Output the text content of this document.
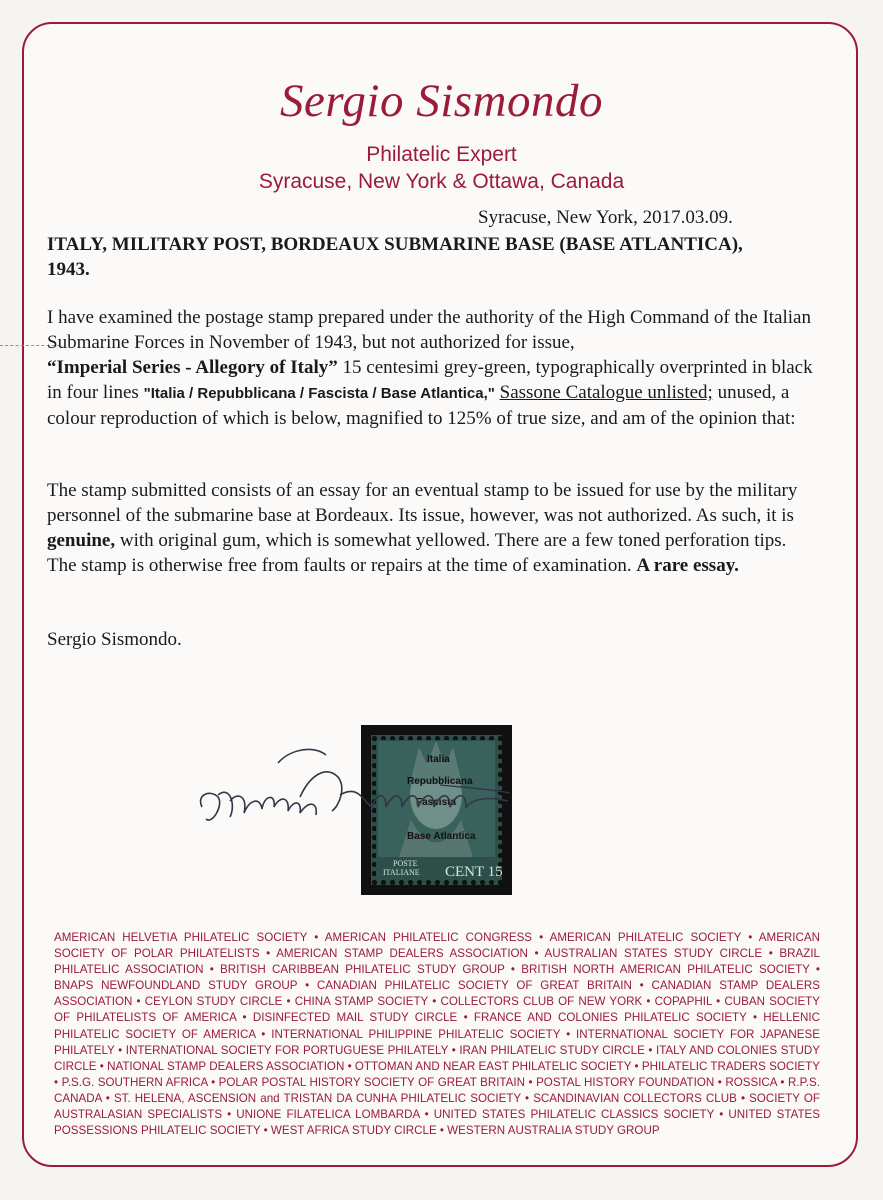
Sergio Sismondo
Philatelic Expert
Syracuse, New York & Ottawa, Canada
Syracuse, New York, 2017.03.09.
ITALY, MILITARY POST, BORDEAUX SUBMARINE BASE (BASE ATLANTICA), 1943.
I have examined the postage stamp prepared under the authority of the High Command of the Italian Submarine Forces in November of 1943, but not authorized for issue,
“Imperial Series - Allegory of Italy” 15 centesimi grey-green, typographically overprinted in black in four lines "Italia / Repubblicana / Fascista / Base Atlantica," Sassone Catalogue unlisted; unused, a colour reproduction of which is below, magnified to 125% of true size, and am of the opinion that:
The stamp submitted consists of an essay for an eventual stamp to be issued for use by the military personnel of the submarine base at Bordeaux. Its issue, however, was not authorized. As such, it is genuine, with original gum, which is somewhat yellowed. There are a few toned perforation tips. The stamp is otherwise free from faults or repairs at the time of examination. A rare essay.
Sergio Sismondo.
POSTE
ITALIANE CENT 15
Italia
Repubblicana
Fascista
Base Atlantica
AMERICAN HELVETIA PHILATELIC SOCIETY • AMERICAN PHILATELIC CONGRESS • AMERICAN PHILATELIC SOCIETY • AMERICAN SOCIETY OF POLAR PHILATELISTS • AMERICAN STAMP DEALERS ASSOCIATION • AUSTRALIAN STATES STUDY CIRCLE • BRAZIL PHILATELIC ASSOCIATION • BRITISH CARIBBEAN PHILATELIC STUDY GROUP • BRITISH NORTH AMERICAN PHILATELIC SOCIETY • BNAPS NEWFOUNDLAND STUDY GROUP • CANADIAN PHILATELIC SOCIETY OF GREAT BRITAIN • CANADIAN STAMP DEALERS ASSOCIATION • CEYLON STUDY CIRCLE • CHINA STAMP SOCIETY • COLLECTORS CLUB OF NEW YORK • COPAPHIL • CUBAN SOCIETY OF PHILATELISTS OF AMERICA • DISINFECTED MAIL STUDY CIRCLE • FRANCE AND COLONIES PHILATELIC SOCIETY • HELLENIC PHILATELIC SOCIETY OF AMERICA • INTERNATIONAL PHILIPPINE PHILATELIC SOCIETY • INTERNATIONAL SOCIETY FOR JAPANESE PHILATELY • INTERNATIONAL SOCIETY FOR PORTUGUESE PHILATELY • IRAN PHILATELIC STUDY CIRCLE • ITALY AND COLONIES STUDY CIRCLE • NATIONAL STAMP DEALERS ASSOCIATION • OTTOMAN AND NEAR EAST PHILATELIC SOCIETY • PHILATELIC TRADERS SOCIETY • P.S.G. SOUTHERN AFRICA • POLAR POSTAL HISTORY SOCIETY OF GREAT BRITAIN • POSTAL HISTORY FOUNDATION • ROSSICA • R.P.S. CANADA • ST. HELENA, ASCENSION and TRISTAN DA CUNHA PHILATELIC SOCIETY • SCANDINAVIAN COLLECTORS CLUB • SOCIETY OF AUSTRALASIAN SPECIALISTS • UNIONE FILATELICA LOMBARDA • UNITED STATES PHILATELIC CLASSICS SOCIETY • UNITED STATES POSSESSIONS PHILATELIC SOCIETY • WEST AFRICA STUDY CIRCLE • WESTERN AUSTRALIA STUDY GROUP
